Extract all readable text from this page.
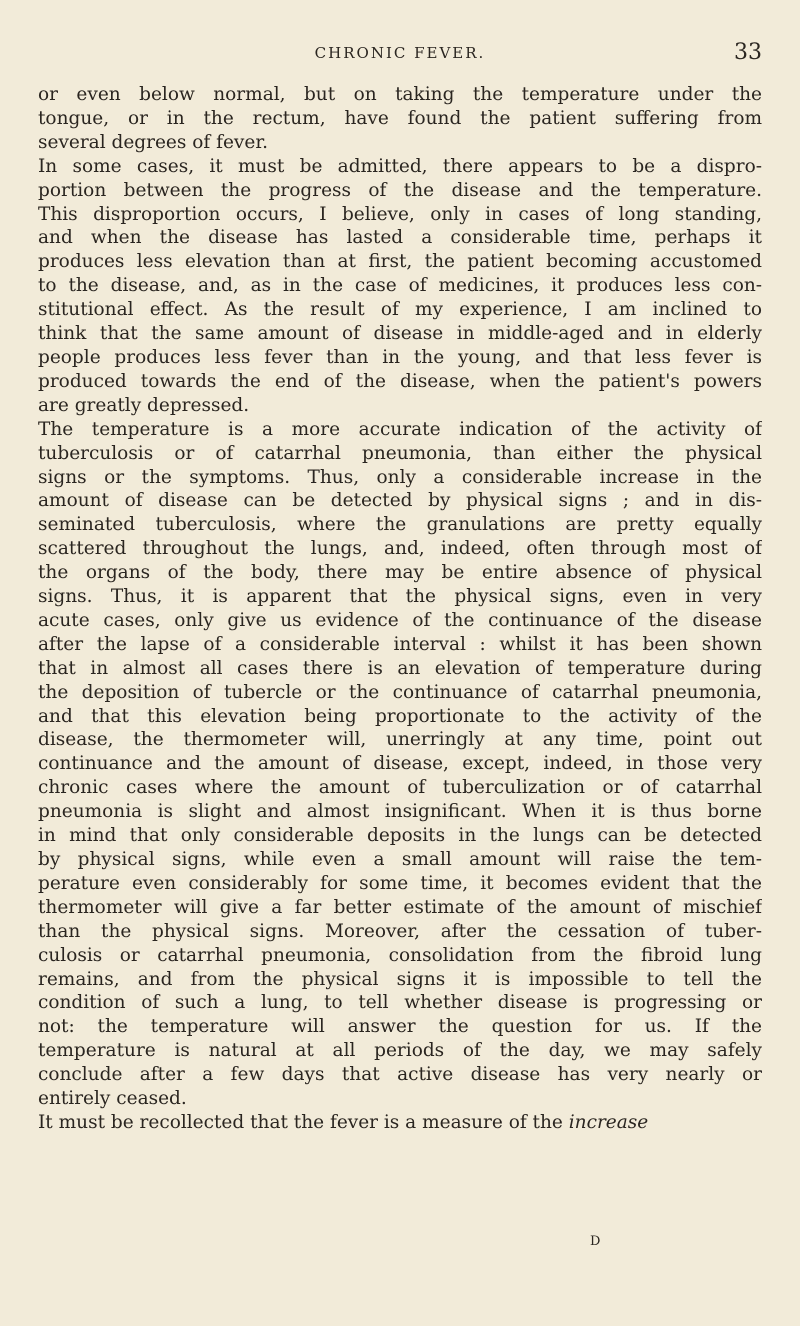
CHRONIC FEVER.	33
or even below normal, but on taking the temperature under the
tongue, or in the rectum, have found the patient suffering from
several degrees of fever.
In some cases, it must be admitted, there appears to be a dispro-
portion between the progress of the disease and the temperature.
This disproportion occurs, I believe, only in cases of long standing,
and when the disease has lasted a considerable time, perhaps it
produces less elevation than at first, the patient becoming accustomed
to the disease, and, as in the case of medicines, it produces less con-
stitutional effect. As the result of my experience, I am inclined to
think that the same amount of disease in middle-aged and in elderly
people produces less fever than in the young, and that less fever is
produced towards the end of the disease, when the patient's powers
are greatly depressed.
The temperature is a more accurate indication of the activity of
tuberculosis or of catarrhal pneumonia, than either the physical
signs or the symptoms. Thus, only a considerable increase in the
amount of disease can be detected by physical signs ; and in dis-
seminated tuberculosis, where the granulations are pretty equally
scattered throughout the lungs, and, indeed, often through most of
the organs of the body, there may be entire absence of physical
signs. Thus, it is apparent that the physical signs, even in very
acute cases, only give us evidence of the continuance of the disease
after the lapse of a considerable interval : whilst it has been shown
that in almost all cases there is an elevation of temperature during
the deposition of tubercle or the continuance of catarrhal pneumonia,
and that this elevation being proportionate to the activity of the
disease, the thermometer will, unerringly at any time, point out
continuance and the amount of disease, except, indeed, in those very
chronic cases where the amount of tuberculization or of catarrhal
pneumonia is slight and almost insignificant. When it is thus borne
in mind that only considerable deposits in the lungs can be detected
by physical signs, while even a small amount will raise the tem-
perature even considerably for some time, it becomes evident that the
thermometer will give a far better estimate of the amount of mischief
than the physical signs. Moreover, after the cessation of tuber-
culosis or catarrhal pneumonia, consolidation from the fibroid lung
remains, and from the physical signs it is impossible to tell the
condition of such a lung, to tell whether disease is progressing or
not: the temperature will answer the question for us. If the
temperature is natural at all periods of the day, we may safely
conclude after a few days that active disease has very nearly or
entirely ceased.
It must be recollected that the fever is a measure of the increase
D
